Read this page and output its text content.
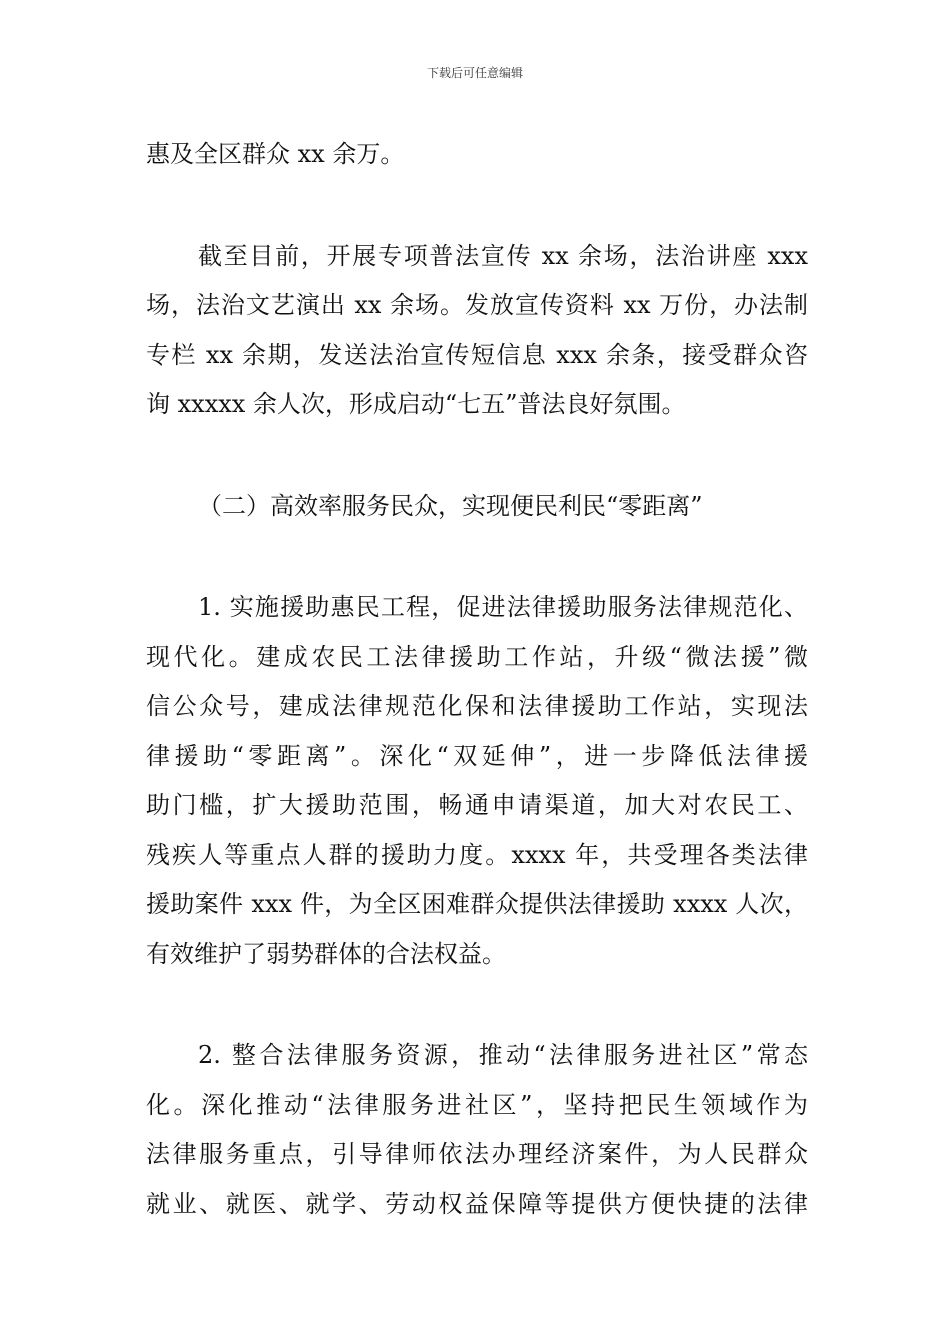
下载后可任意编辑
惠及全区群众 xx 余万。
截至目前，开展专项普法宣传 xx 余场，法治讲座 xxx
场，法治文艺演出 xx 余场。发放宣传资料 xx 万份，办法制
专栏 xx 余期，发送法治宣传短信息 xxx 余条，接受群众咨
询 xxxxx 余人次，形成启动“七五”普法良好氛围。
（二）高效率服务民众，实现便民利民“零距离”
1. 实施援助惠民工程，促进法律援助服务法律规范化、
现代化。建成农民工法律援助工作站，升级“微法援”微
信公众号，建成法律规范化保和法律援助工作站，实现法
律援助“零距离”。深化“双延伸”，进一步降低法律援
助门槛，扩大援助范围，畅通申请渠道，加大对农民工、
残疾人等重点人群的援助力度。xxxx 年，共受理各类法律
援助案件 xxx 件，为全区困难群众提供法律援助 xxxx 人次，
有效维护了弱势群体的合法权益。
2. 整合法律服务资源，推动“法律服务进社区”常态
化。深化推动“法律服务进社区”，坚持把民生领域作为
法律服务重点，引导律师依法办理经济案件，为人民群众
就业、就医、就学、劳动权益保障等提供方便快捷的法律
